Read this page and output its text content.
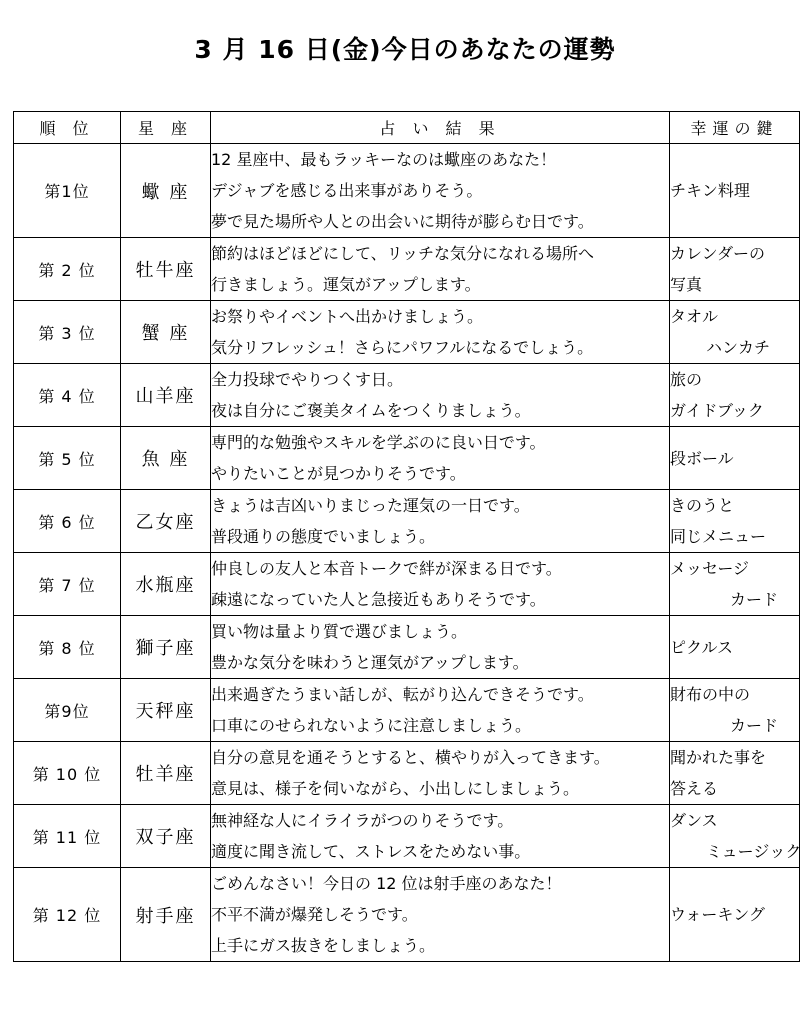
3 月 16 日(金)今日のあなたの運勢
順 位	星 座	占 い 結 果	幸運の鍵
第1位	蠍 座	12 星座中、最もラッキーなのは蠍座のあなた！
デジャブを感じる出来事がありそう。
夢で見た場所や人との出会いに期待が膨らむ日です。	チキン料理

第 2 位	牡牛座	節約はほどほどにして、リッチな気分になれる場所へ
行きましょう。運気がアップします。	カレンダーの
写真

第 3 位	蟹 座	お祭りやイベントへ出かけましょう。
気分リフレッシュ！さらにパワフルになるでしょう。	タオル
ハンカチ

第 4 位	山羊座	全力投球でやりつくす日。
夜は自分にご褒美タイムをつくりましょう。	旅の
ガイドブック

第 5 位	魚 座	専門的な勉強やスキルを学ぶのに良い日です。
やりたいことが見つかりそうです。	段ボール

第 6 位	乙女座	きょうは吉凶いりまじった運気の一日です。
普段通りの態度でいましょう。	きのうと
同じメニュー

第 7 位	水瓶座	仲良しの友人と本音トークで絆が深まる日です。
疎遠になっていた人と急接近もありそうです。	メッセージ
カード

第 8 位	獅子座	買い物は量より質で選びましょう。
豊かな気分を味わうと運気がアップします。	ピクルス

第9位	天秤座	出来過ぎたうまい話しが、転がり込んできそうです。
口車にのせられないように注意しましょう。	財布の中の
カード

第 10 位	牡羊座	自分の意見を通そうとすると、横やりが入ってきます。
意見は、様子を伺いながら、小出しにしましょう。	聞かれた事を
答える

第 11 位	双子座	無神経な人にイライラがつのりそうです。
適度に聞き流して、ストレスをためない事。	ダンス
ミュージック

第 12 位	射手座	ごめんなさい！今日の 12 位は射手座のあなた！
不平不満が爆発しそうです。
上手にガス抜きをしましょう。	ウォーキング
